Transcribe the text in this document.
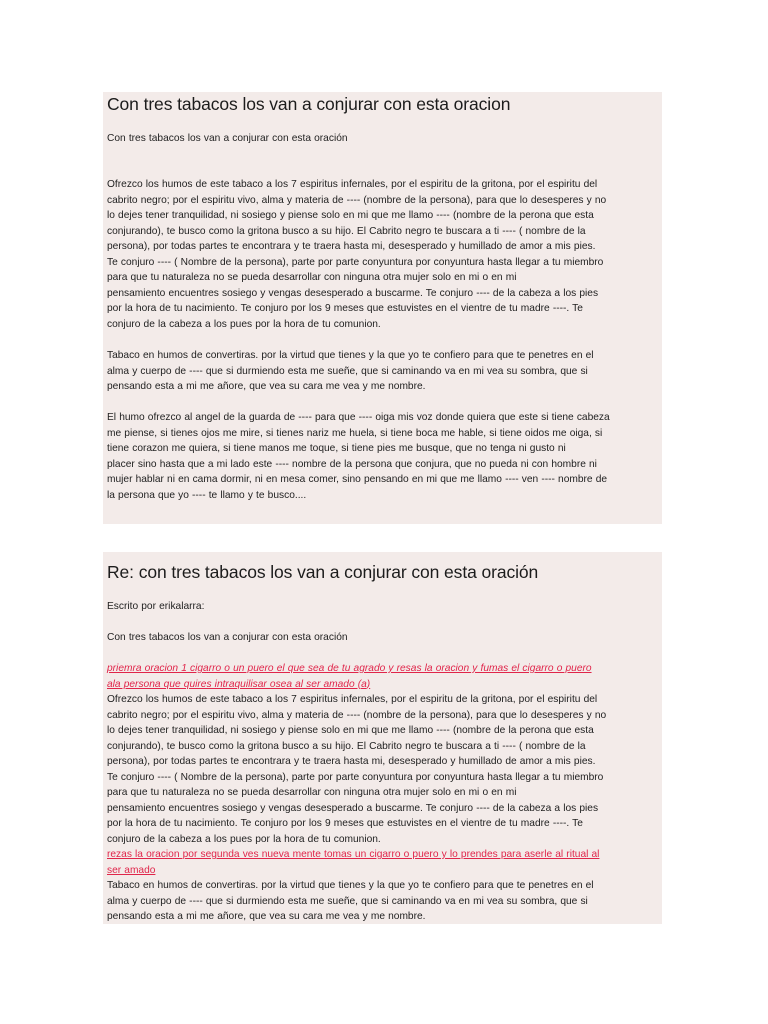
Con tres tabacos los van a conjurar con esta oracion

Con tres tabacos los van a conjurar con esta oración

Ofrezco los humos de este tabaco a los 7 espiritus infernales, por el espiritu de la gritona, por el espiritu del
cabrito negro; por el espiritu vivo, alma y materia de ---- (nombre de la persona), para que lo desesperes y no
lo dejes tener tranquilidad, ni sosiego y piense solo en mi que me llamo ---- (nombre de la perona que esta
conjurando), te busco como la gritona busco a su hijo. El Cabrito negro te buscara a ti ---- ( nombre de la
persona), por todas partes te encontrara y te traera hasta mi, desesperado y humillado de amor a mis pies.
Te conjuro ---- ( Nombre de la persona), parte por parte conyuntura por conyuntura hasta llegar a tu miembro
para que tu naturaleza no se pueda desarrollar con ninguna otra mujer solo en mi o en mi
pensamiento encuentres sosiego y vengas desesperado a buscarme. Te conjuro ---- de la cabeza a los pies
por la hora de tu nacimiento. Te conjuro por los 9 meses que estuvistes en el vientre de tu madre ----. Te
conjuro de la cabeza a los pues por la hora de tu comunion.

Tabaco en humos de convertiras. por la virtud que tienes y la que yo te confiero para que te penetres en el
alma y cuerpo de ---- que si durmiendo esta me sueñe, que si caminando va en mi vea su sombra, que si
pensando esta a mi me añore, que vea su cara me vea y me nombre.

El humo ofrezco al angel de la guarda de ---- para que ---- oiga mis voz donde quiera que este si tiene cabeza
me piense, si tienes ojos me mire, si tienes nariz me huela, si tiene boca me hable, si tiene oidos me oiga, si
tiene corazon me quiera, si tiene manos me toque, si tiene pies me busque, que no tenga ni gusto ni
placer sino hasta que a mi lado este ---- nombre de la persona que conjura, que no pueda ni con hombre ni
mujer hablar ni en cama dormir, ni en mesa comer, sino pensando en mi que me llamo ---- ven ---- nombre de
la persona que yo ---- te llamo y te busco....

Re: con tres tabacos los van a conjurar con esta oración

Escrito por erikalarra:

Con tres tabacos los van a conjurar con esta oración

priemra oracion 1 cigarro o un puero el que sea de tu agrado y resas la oracion y fumas el cigarro o puero
ala persona que quires intraquilisar osea al ser amado (a)

Ofrezco los humos de este tabaco a los 7 espiritus infernales, por el espiritu de la gritona, por el espiritu del
cabrito negro; por el espiritu vivo, alma y materia de ---- (nombre de la persona), para que lo desesperes y no
lo dejes tener tranquilidad, ni sosiego y piense solo en mi que me llamo ---- (nombre de la perona que esta
conjurando), te busco como la gritona busco a su hijo. El Cabrito negro te buscara a ti ---- ( nombre de la
persona), por todas partes te encontrara y te traera hasta mi, desesperado y humillado de amor a mis pies.
Te conjuro ---- ( Nombre de la persona), parte por parte conyuntura por conyuntura hasta llegar a tu miembro
para que tu naturaleza no se pueda desarrollar con ninguna otra mujer solo en mi o en mi
pensamiento encuentres sosiego y vengas desesperado a buscarme. Te conjuro ---- de la cabeza a los pies
por la hora de tu nacimiento. Te conjuro por los 9 meses que estuvistes en el vientre de tu madre ----. Te
conjuro de la cabeza a los pues por la hora de tu comunion.

rezas la oracion por segunda ves nueva mente tomas un cigarro o puero y lo prendes para aserle al ritual al
ser amado

Tabaco en humos de convertiras. por la virtud que tienes y la que yo te confiero para que te penetres en el
alma y cuerpo de ---- que si durmiendo esta me sueñe, que si caminando va en mi vea su sombra, que si
pensando esta a mi me añore, que vea su cara me vea y me nombre.
